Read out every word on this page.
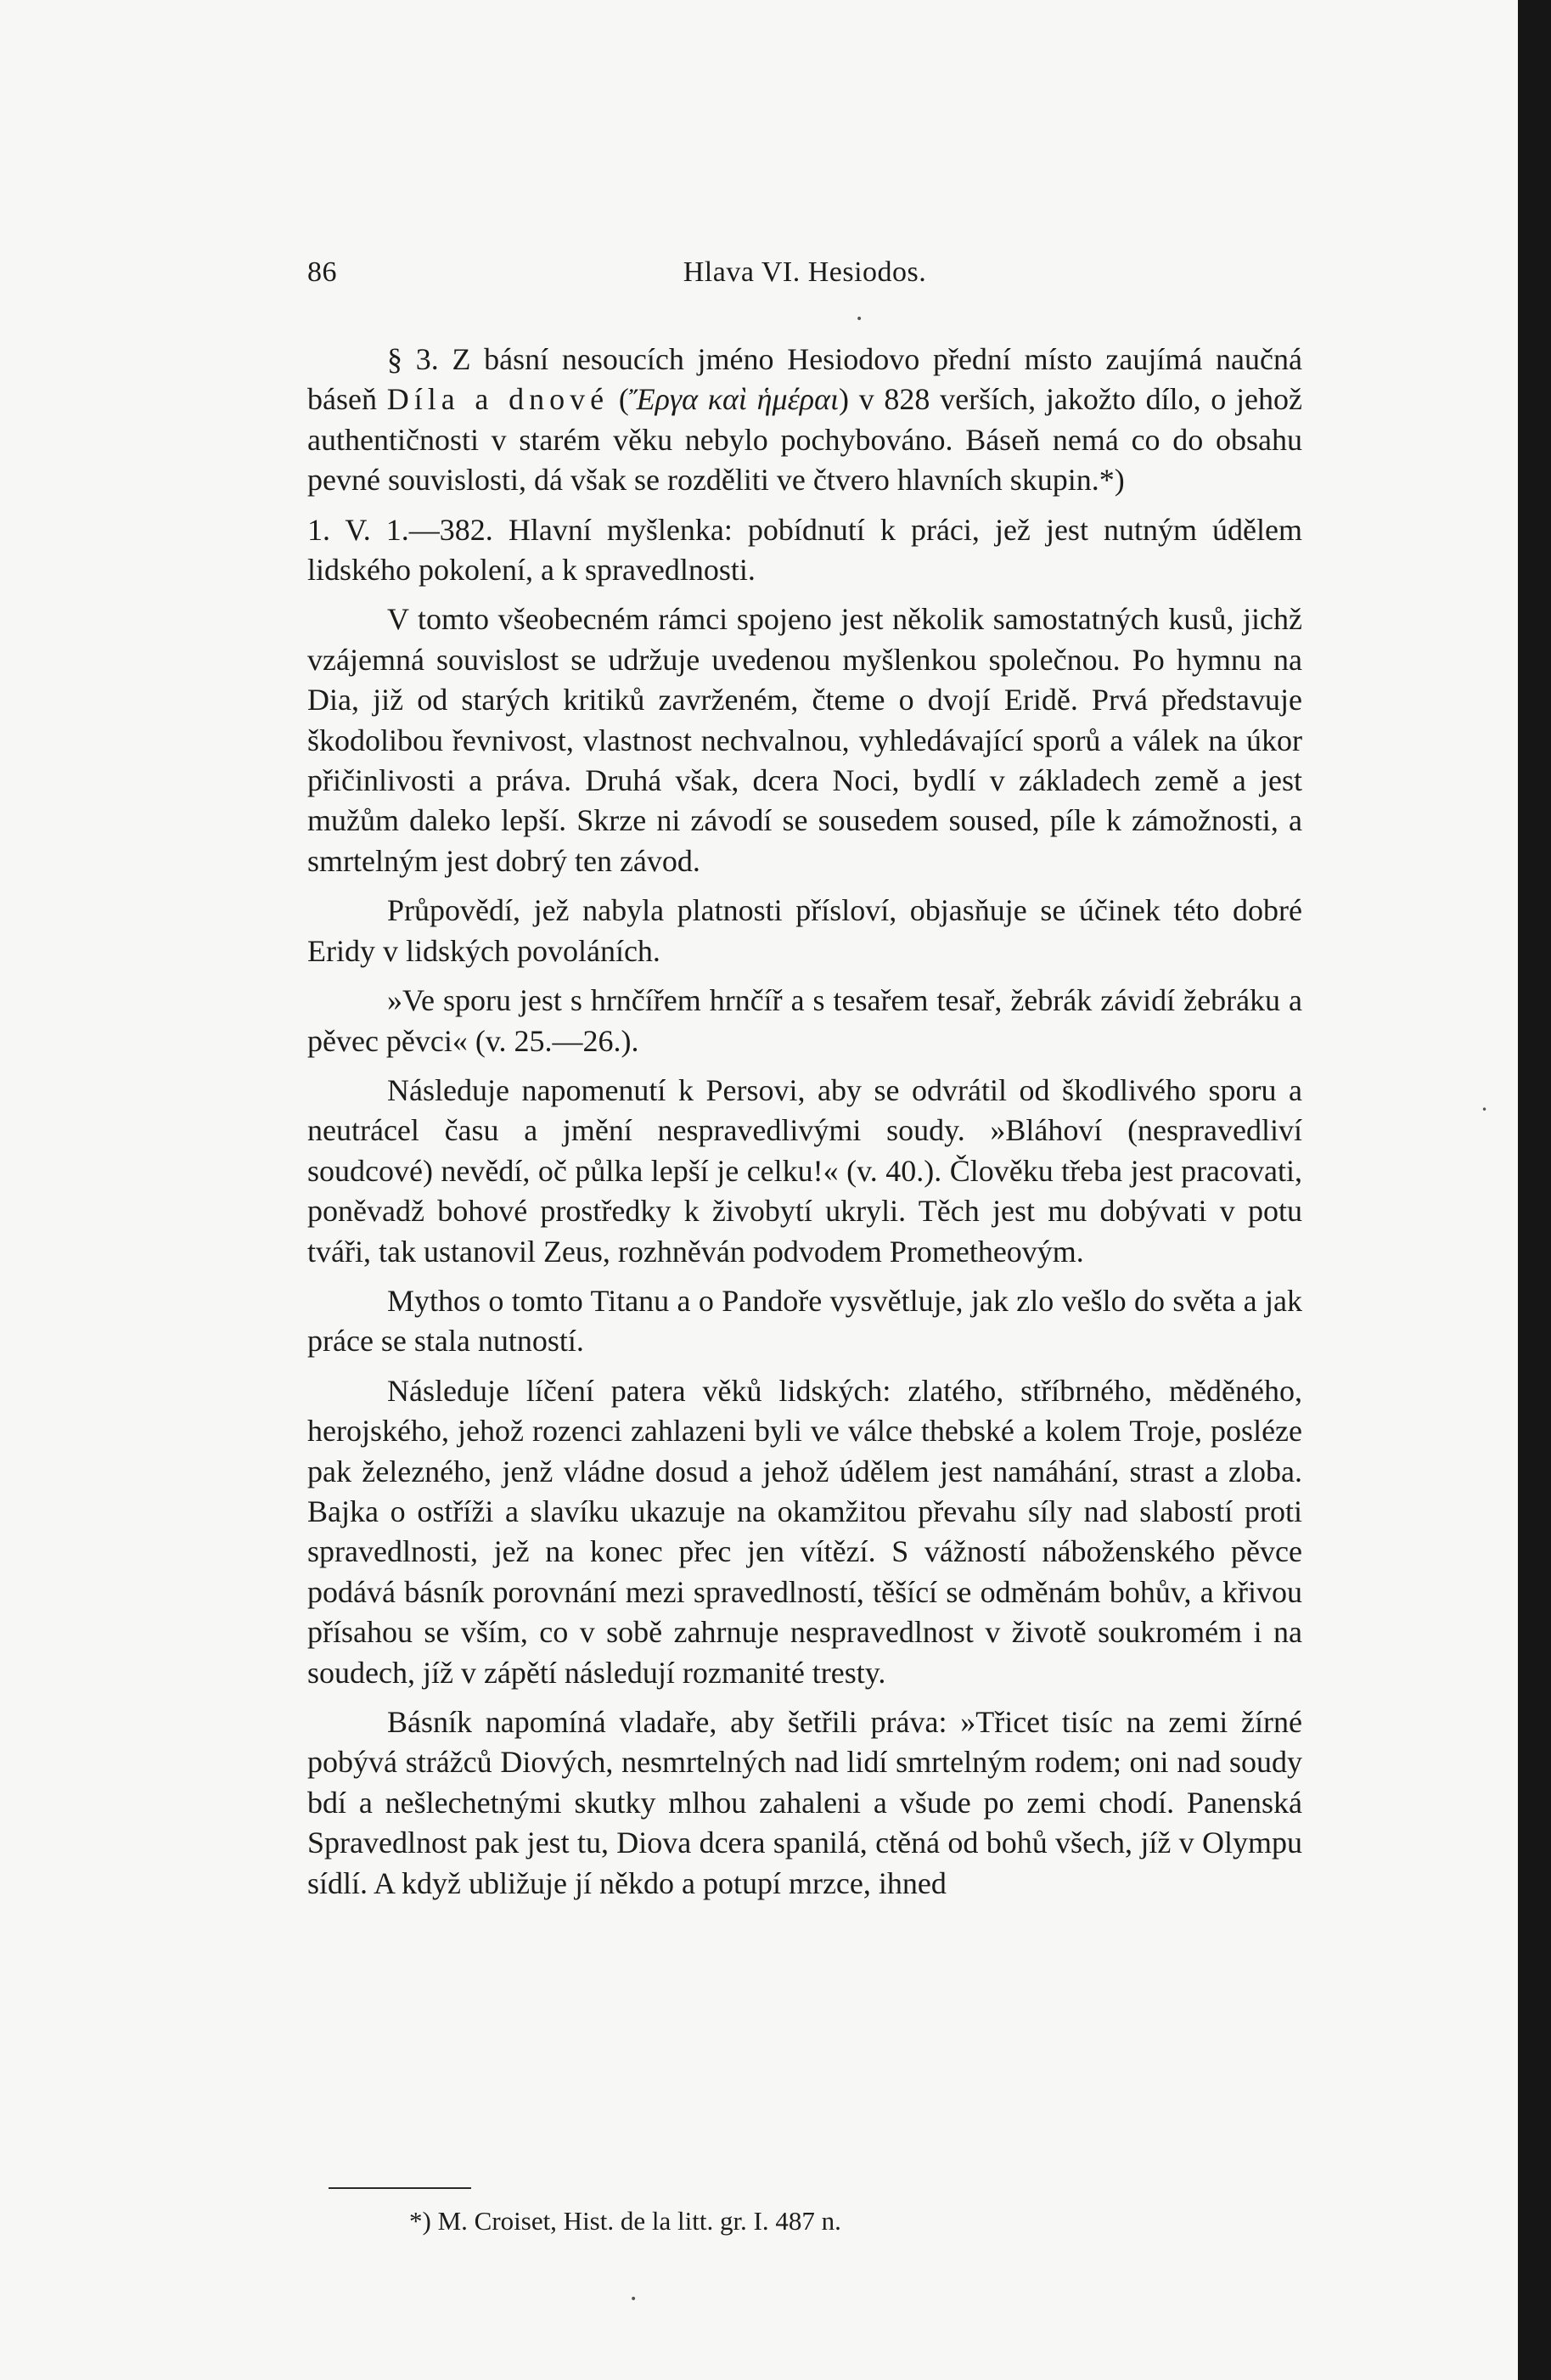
86	Hlava VI. Hesiodos.

§ 3. Z básní nesoucích jméno Hesiodovo přední místo zaujímá naučná báseň Díla a dnové (Ἔργα καὶ ἡμέραι) v 828 verších, jakožto dílo, o jehož authentičnosti v starém věku nebylo pochybováno. Báseň nemá co do obsahu pevné souvislosti, dá však se rozděliti ve čtvero hlavních skupin.*)

1. V. 1.—382. Hlavní myšlenka: pobídnutí k práci, jež jest nutným údělem lidského pokolení, a k spravedlnosti.

V tomto všeobecném rámci spojeno jest několik samostatných kusů, jichž vzájemná souvislost se udržuje uvedenou myšlenkou společnou. Po hymnu na Dia, již od starých kritiků zavrženém, čteme o dvojí Eridě. Prvá představuje škodolibou řevnivost, vlastnost nechvalnou, vyhledávající sporů a válek na úkor přičinlivosti a práva. Druhá však, dcera Noci, bydlí v základech země a jest mužům daleko lepší. Skrze ni závodí se sousedem soused, píle k zámožnosti, a smrtelným jest dobrý ten závod.

Průpovědí, jež nabyla platnosti přísloví, objasňuje se účinek této dobré Eridy v lidských povoláních.

»Ve sporu jest s hrnčířem hrnčíř a s tesařem tesař, žebrák závidí žebráku a pěvec pěvci« (v. 25.—26.).

Následuje napomenutí k Persovi, aby se odvrátil od škodlivého sporu a neutrácel času a jmění nespravedlivými soudy. »Bláhoví (nespravedliví soudcové) nevědí, oč půlka lepší je celku!« (v. 40.). Člověku třeba jest pracovati, poněvadž bohové prostředky k živobytí ukryli. Těch jest mu dobývati v potu tváři, tak ustanovil Zeus, rozhněván podvodem Prometheovým.

Mythos o tomto Titanu a o Pandoře vysvětluje, jak zlo vešlo do světa a jak práce se stala nutností.

Následuje líčení patera věků lidských: zlatého, stříbrného, měděného, herojského, jehož rozenci zahlazeni byli ve válce thebské a kolem Troje, posléze pak železného, jenž vládne dosud a jehož údělem jest namáhání, strast a zloba. Bajka o ostříži a slavíku ukazuje na okamžitou převahu síly nad slabostí proti spravedlnosti, jež na konec přec jen vítězí. S vážností náboženského pěvce podává básník porovnání mezi spravedlností, těšící se odměnám bohův, a křivou přísahou se vším, co v sobě zahrnuje nespravedlnost v životě soukromém i na soudech, jíž v zápětí následují rozmanité tresty.

Básník napomíná vladaře, aby šetřili práva: »Třicet tisíc na zemi žírné pobývá strážců Diových, nesmrtelných nad lidí smrtelným rodem; oni nad soudy bdí a nešlechetnými skutky mlhou zahaleni a všude po zemi chodí. Panenská Spravedlnost pak jest tu, Diova dcera spanilá, ctěná od bohů všech, jíž v Olympu sídlí. A když ubližuje jí někdo a potupí mrzce, ihned

*) M. Croiset, Hist. de la litt. gr. I. 487 n.
•
•
•
